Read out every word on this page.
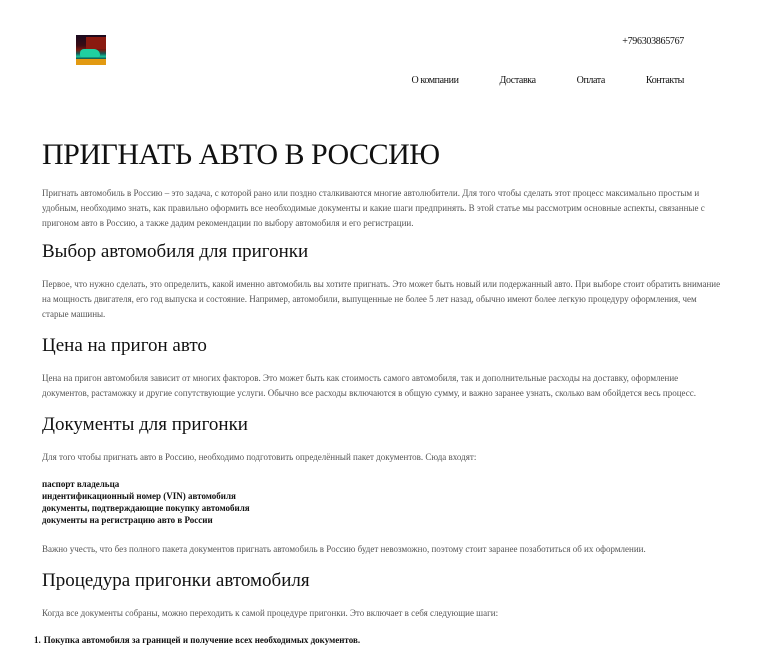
+796303865767
О компании	Доставка	Оплата	Контакты
ПРИГНАТЬ АВТО В РОССИЮ

Пригнать автомобиль в Россию – это задача, с которой рано или поздно сталкиваются многие автолюбители. Для того чтобы сделать этот процесс максимально простым и удобным, необходимо знать, как правильно оформить все необходимые документы и какие шаги предпринять. В этой статье мы рассмотрим основные аспекты, связанные с пригоном авто в Россию, а также дадим рекомендации по выбору автомобиля и его регистрации.

Выбор автомобиля для пригонки

Первое, что нужно сделать, это определить, какой именно автомобиль вы хотите пригнать. Это может быть новый или подержанный авто. При выборе стоит обратить внимание на мощность двигателя, его год выпуска и состояние. Например, автомобили, выпущенные не более 5 лет назад, обычно имеют более легкую процедуру оформления, чем старые машины.

Цена на пригон авто

Цена на пригон автомобиля зависит от многих факторов. Это может быть как стоимость самого автомобиля, так и дополнительные расходы на доставку, оформление документов, растаможку и другие сопутствующие услуги. Обычно все расходы включаются в общую сумму, и важно заранее узнать, сколько вам обойдется весь процесс.

Документы для пригонки

Для того чтобы пригнать авто в Россию, необходимо подготовить определённый пакет документов. Сюда входят:

паспорт владельца
индентификационный номер (VIN) автомобиля
документы, подтверждающие покупку автомобиля
документы на регистрацию авто в России

Важно учесть, что без полного пакета документов пригнать автомобиль в Россию будет невозможно, поэтому стоит заранее позаботиться об их оформлении.

Процедура пригонки автомобиля

Когда все документы собраны, можно переходить к самой процедуре пригонки. Это включает в себя следующие шаги:

1. Покупка автомобиля за границей и получение всех необходимых документов.
